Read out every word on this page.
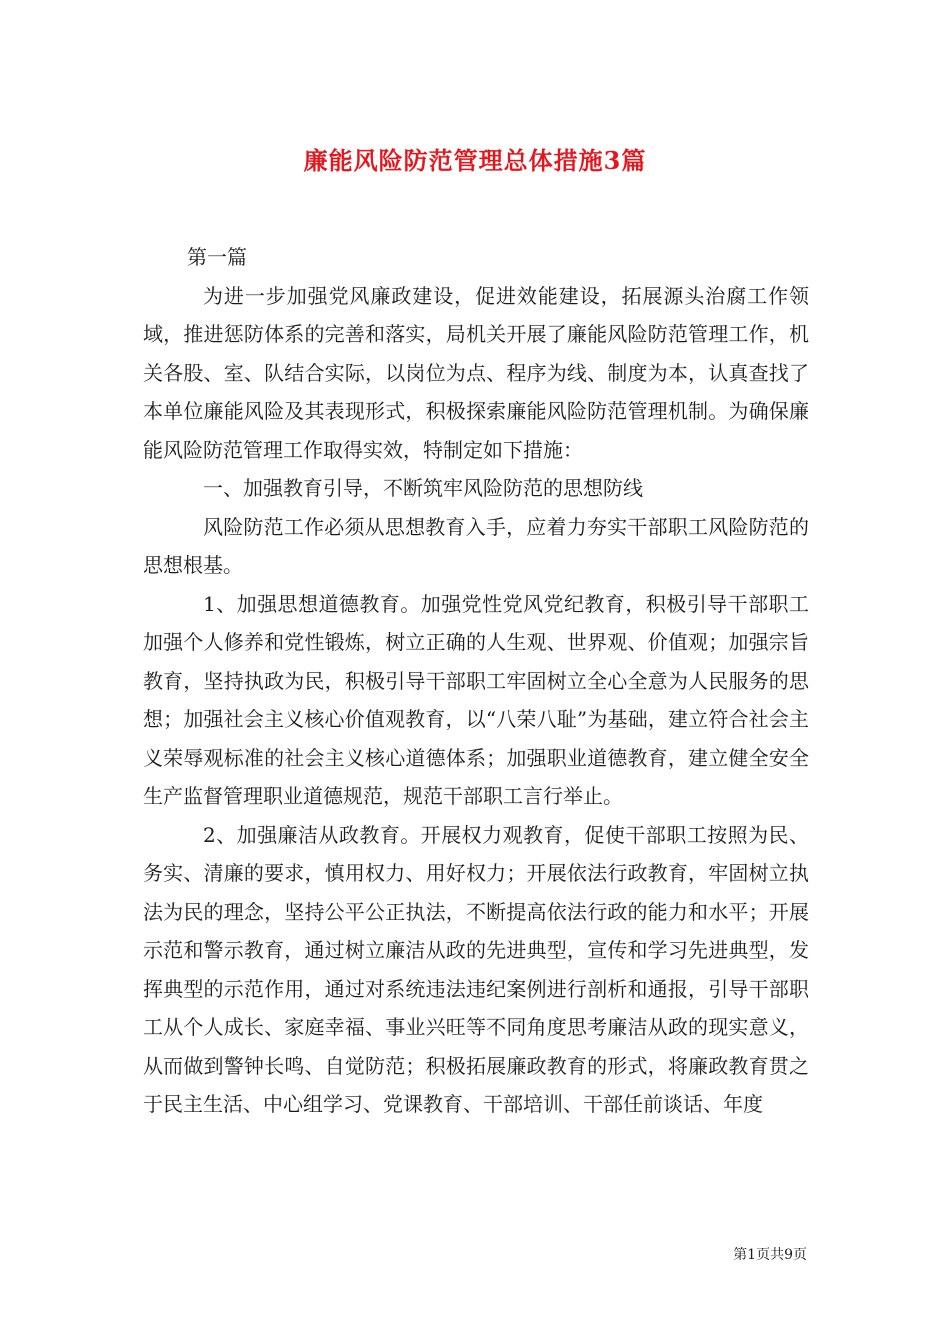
廉能风险防范管理总体措施3篇

第一篇

为进一步加强党风廉政建设，促进效能建设，拓展源头治腐工作领域，推进惩防体系的完善和落实，局机关开展了廉能风险防范管理工作，机关各股、室、队结合实际，以岗位为点、程序为线、制度为本，认真查找了本单位廉能风险及其表现形式，积极探索廉能风险防范管理机制。为确保廉能风险防范管理工作取得实效，特制定如下措施：

一、加强教育引导，不断筑牢风险防范的思想防线

风险防范工作必须从思想教育入手，应着力夯实干部职工风险防范的思想根基。

1、加强思想道德教育。加强党性党风党纪教育，积极引导干部职工加强个人修养和党性锻炼，树立正确的人生观、世界观、价值观；加强宗旨教育，坚持执政为民，积极引导干部职工牢固树立全心全意为人民服务的思想；加强社会主义核心价值观教育，以“八荣八耻”为基础，建立符合社会主义荣辱观标准的社会主义核心道德体系；加强职业道德教育，建立健全安全生产监督管理职业道德规范，规范干部职工言行举止。

2、加强廉洁从政教育。开展权力观教育，促使干部职工按照为民、务实、清廉的要求，慎用权力、用好权力；开展依法行政教育，牢固树立执法为民的理念，坚持公平公正执法，不断提高依法行政的能力和水平；开展示范和警示教育，通过树立廉洁从政的先进典型，宣传和学习先进典型，发挥典型的示范作用，通过对系统违法违纪案例进行剖析和通报，引导干部职工从个人成长、家庭幸福、事业兴旺等不同角度思考廉洁从政的现实意义，从而做到警钟长鸣、自觉防范；积极拓展廉政教育的形式，将廉政教育贯之于民主生活、中心组学习、党课教育、干部培训、干部任前谈话、年度

第1页共9页
